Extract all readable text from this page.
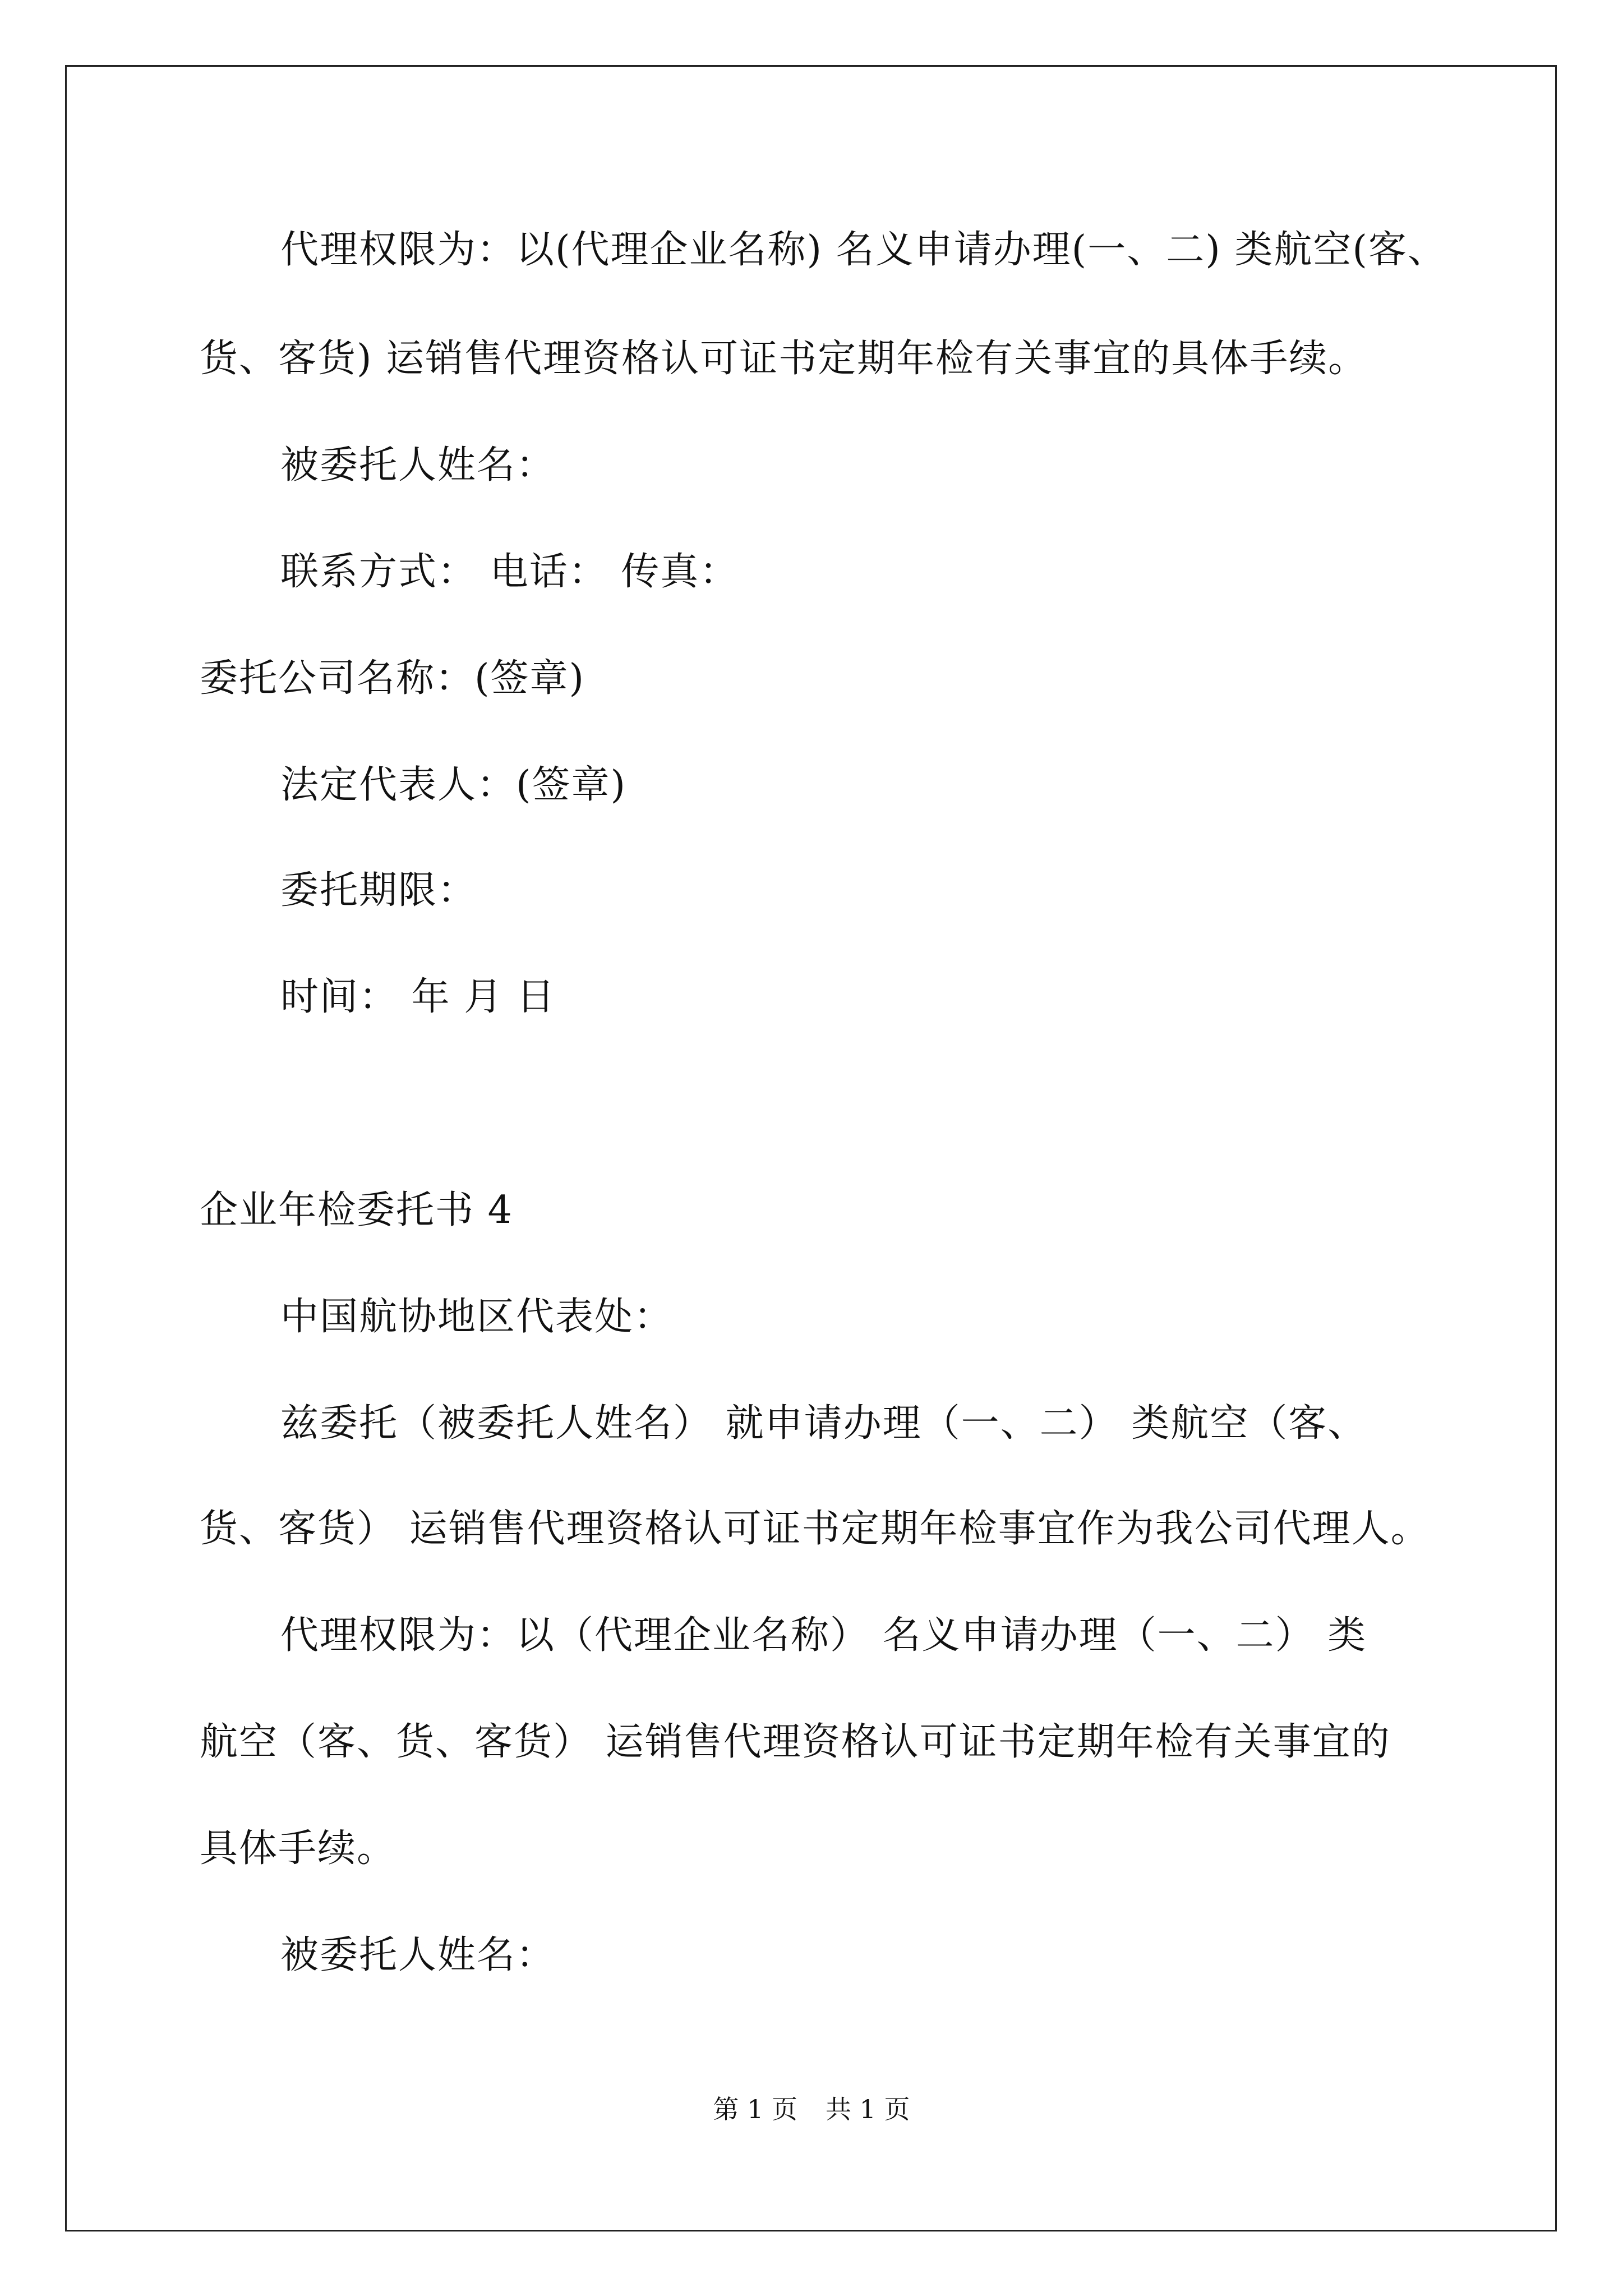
代理权限为：以(代理企业名称) 名义申请办理(一、二) 类航空(客、
货、客货) 运销售代理资格认可证书定期年检有关事宜的具体手续。
被委托人姓名：
联系方式： 电话： 传真：
委托公司名称：(签章)
法定代表人：(签章)
委托期限：
时间： 年 月 日
企业年检委托书 4
中国航协地区代表处：
兹委托（被委托人姓名） 就申请办理（一、二） 类航空（客、
货、客货） 运销售代理资格认可证书定期年检事宜作为我公司代理人。
代理权限为：以（代理企业名称） 名义申请办理（一、二） 类
航空（客、货、客货） 运销售代理资格认可证书定期年检有关事宜的
具体手续。
被委托人姓名：
第 1 页 共 1 页
